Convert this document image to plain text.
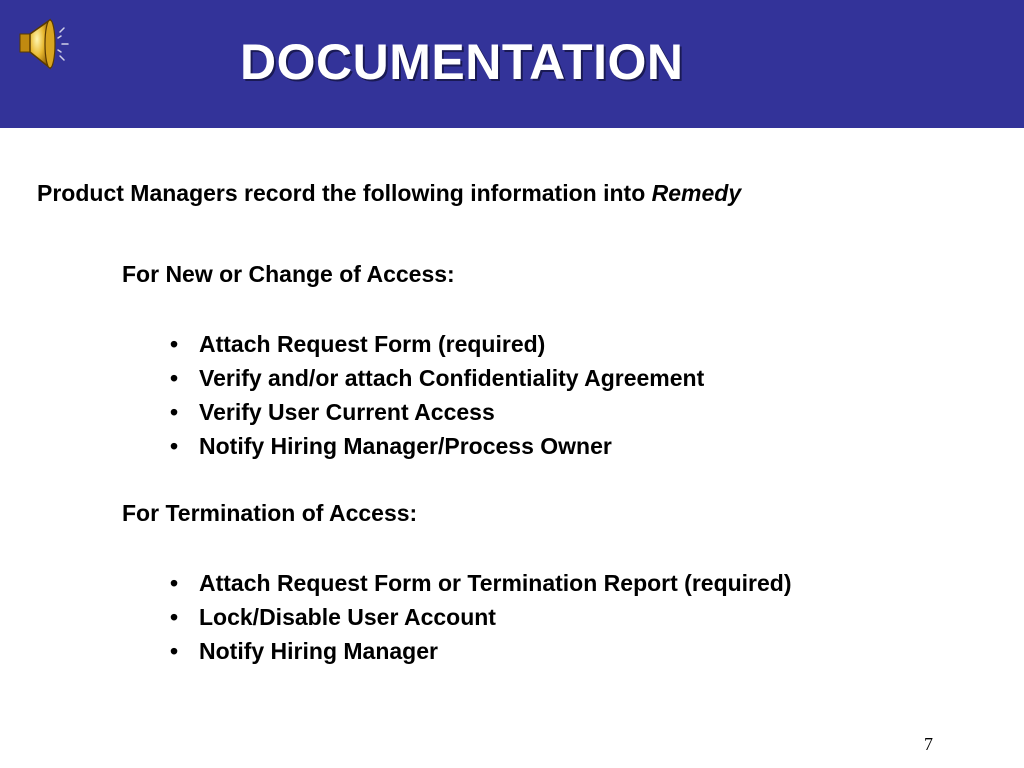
DOCUMENTATION
Product Managers record the following information into Remedy
For New or Change of Access:
• Attach Request Form (required)
• Verify and/or attach Confidentiality Agreement
• Verify User Current Access
• Notify Hiring Manager/Process Owner
For Termination of Access:
• Attach Request Form or Termination Report (required)
• Lock/Disable User Account
• Notify Hiring Manager
7
